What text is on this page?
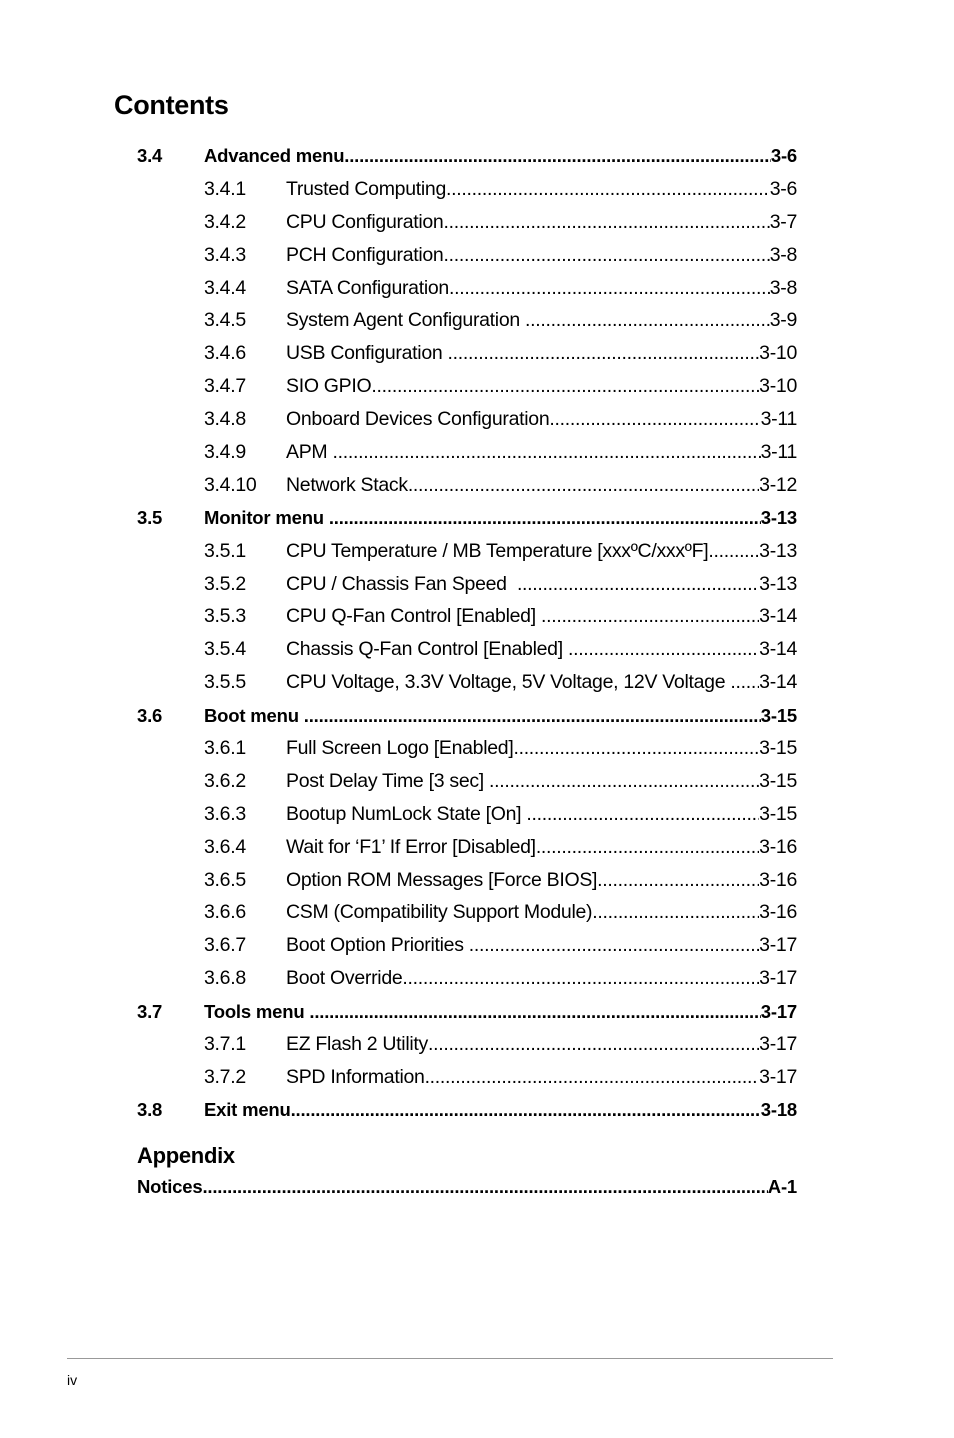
Contents
3.4 Advanced menu .....	3-6
3.4.1 Trusted Computing .....	3-6
3.4.2 CPU Configuration .....	3-7
3.4.3 PCH Configuration .....	3-8
3.4.4 SATA Configuration .....	3-8
3.4.5 System Agent Configuration .....	3-9
3.4.6 USB Configuration .....	3-10
3.4.7 SIO GPIO .....	3-10
3.4.8 Onboard Devices Configuration .....	3-11
3.4.9 APM .....	3-11
3.4.10 Network Stack .....	3-12
3.5 Monitor menu .....	3-13
3.5.1 CPU Temperature / MB Temperature [xxxºC/xxxºF] .....	3-13
3.5.2 CPU / Chassis Fan Speed .....	3-13
3.5.3 CPU Q-Fan Control [Enabled] .....	3-14
3.5.4 Chassis Q-Fan Control [Enabled] .....	3-14
3.5.5 CPU Voltage, 3.3V Voltage, 5V Voltage, 12V Voltage ..... 3-14
3.6 Boot menu .....	3-15
3.6.1 Full Screen Logo [Enabled] .....	3-15
3.6.2 Post Delay Time [3 sec] .....	3-15
3.6.3 Bootup NumLock State [On] .....	3-15
3.6.4 Wait for ‘F1’ If Error [Disabled] .....	3-16
3.6.5 Option ROM Messages [Force BIOS] .....	3-16
3.6.6 CSM (Compatibility Support Module) .....	3-16
3.6.7 Boot Option Priorities .....	3-17
3.6.8 Boot Override .....	3-17
3.7 Tools menu .....	3-17
3.7.1 EZ Flash 2 Utility .....	3-17
3.7.2 SPD Information .....	3-17
3.8 Exit menu .....	3-18
Appendix
Notices .....	A-1
iv
